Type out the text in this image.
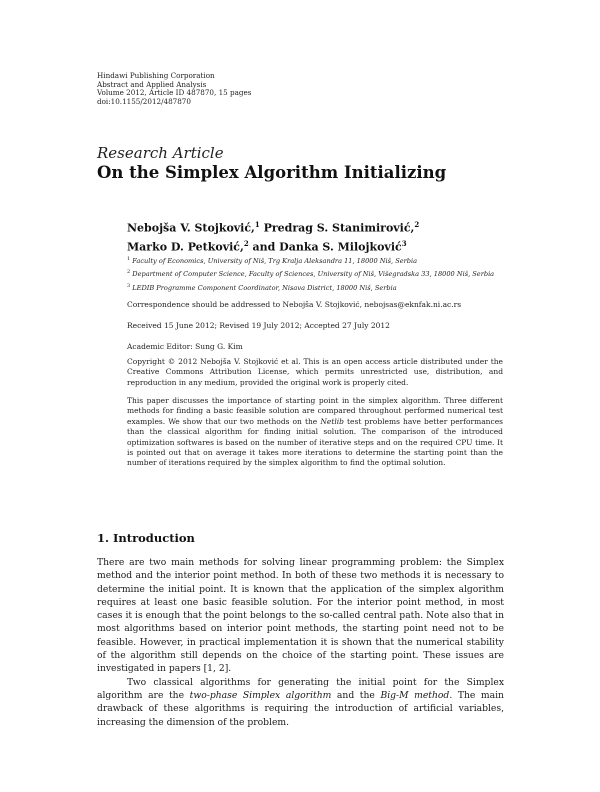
Hindawi Publishing Corporation
Abstract and Applied Analysis
Volume 2012, Article ID 487870, 15 pages
doi:10.1155/2012/487870
Research Article
On the Simplex Algorithm Initializing
Nebojša V. Stojković,$^1$ Predrag S. Stanimirović,$^2$
Marko D. Petković,$^2$ and Danka S. Milojković$^3$
$^1$ Faculty of Economics, University of Niš, Trg Kralja Aleksandra 11, 18000 Niš, Serbia
$^2$ Department of Computer Science, Faculty of Sciences, University of Niš, Višegradska 33, 18000 Niš, Serbia
$^3$ LEDIB Programme Component Coordinator, Nisava District, 18000 Niš, Serbia
Correspondence should be addressed to Nebojša V. Stojković, nebojsas@eknfak.ni.ac.rs
Received 15 June 2012; Revised 19 July 2012; Accepted 27 July 2012
Academic Editor: Sung G. Kim
Copyright © 2012 Nebojša V. Stojković et al. This is an open access article distributed under the Creative Commons Attribution License, which permits unrestricted use, distribution, and reproduction in any medium, provided the original work is properly cited.
This paper discusses the importance of starting point in the simplex algorithm. Three different methods for finding a basic feasible solution are compared throughout performed numerical test examples. We show that our two methods on the Netlib test problems have better performances than the classical algorithm for finding initial solution. The comparison of the introduced optimization softwares is based on the number of iterative steps and on the required CPU time. It is pointed out that on average it takes more iterations to determine the starting point than the number of iterations required by the simplex algorithm to find the optimal solution.
1. Introduction

There are two main methods for solving linear programming problem: the Simplex method and the interior point method. In both of these two methods it is necessary to determine the initial point. It is known that the application of the simplex algorithm requires at least one basic feasible solution. For the interior point method, in most cases it is enough that the point belongs to the so-called central path. Note also that in most algorithms based on interior point methods, the starting point need not to be feasible. However, in practical implementation it is shown that the numerical stability of the algorithm still depends on the choice of the starting point. These issues are investigated in papers [1, 2].

Two classical algorithms for generating the initial point for the Simplex algorithm are the two-phase Simplex algorithm and the Big-M method. The main drawback of these algorithms is requiring the introduction of artificial variables, increasing the dimension of the problem.
